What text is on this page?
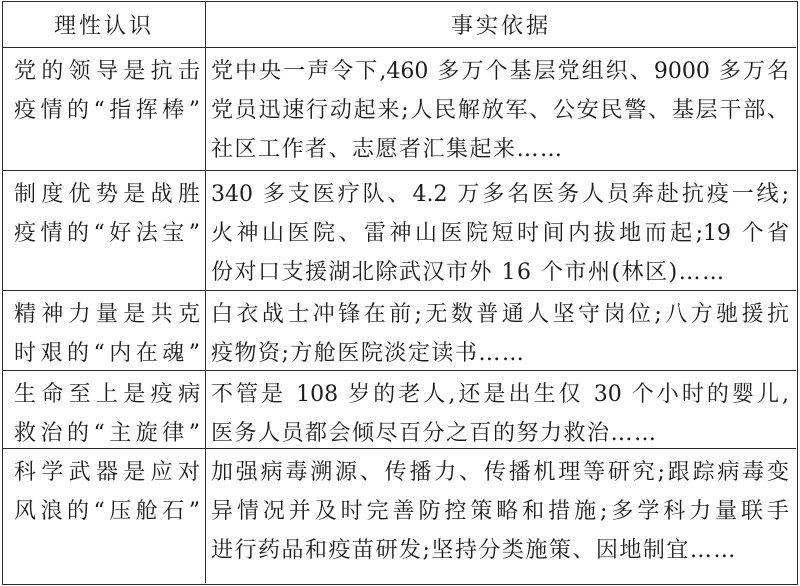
理性认识	事实依据
党的领导是抗击
疫情的“指挥棒”
党中央一声令下,460 多万个基层党组织、9000 多万名
党员迅速行动起来;人民解放军、公安民警、基层干部、
社区工作者、志愿者汇集起来……
制度优势是战胜
疫情的“好法宝”
340 多支医疗队、4.2 万多名医务人员奔赴抗疫一线;
火神山医院、雷神山医院短时间内拔地而起;19 个省
份对口支援湖北除武汉市外 16 个市州(林区)……
精神力量是共克
时艰的“内在魂”
白衣战士冲锋在前;无数普通人坚守岗位;八方驰援抗
疫物资;方舱医院淡定读书……
生命至上是疫病
救治的“主旋律”
不管是 108 岁的老人,还是出生仅 30 个小时的婴儿,
医务人员都会倾尽百分之百的努力救治……
科学武器是应对
风浪的“压舱石”
加强病毒溯源、传播力、传播机理等研究;跟踪病毒变
异情况并及时完善防控策略和措施;多学科力量联手
进行药品和疫苗研发;坚持分类施策、因地制宜……
